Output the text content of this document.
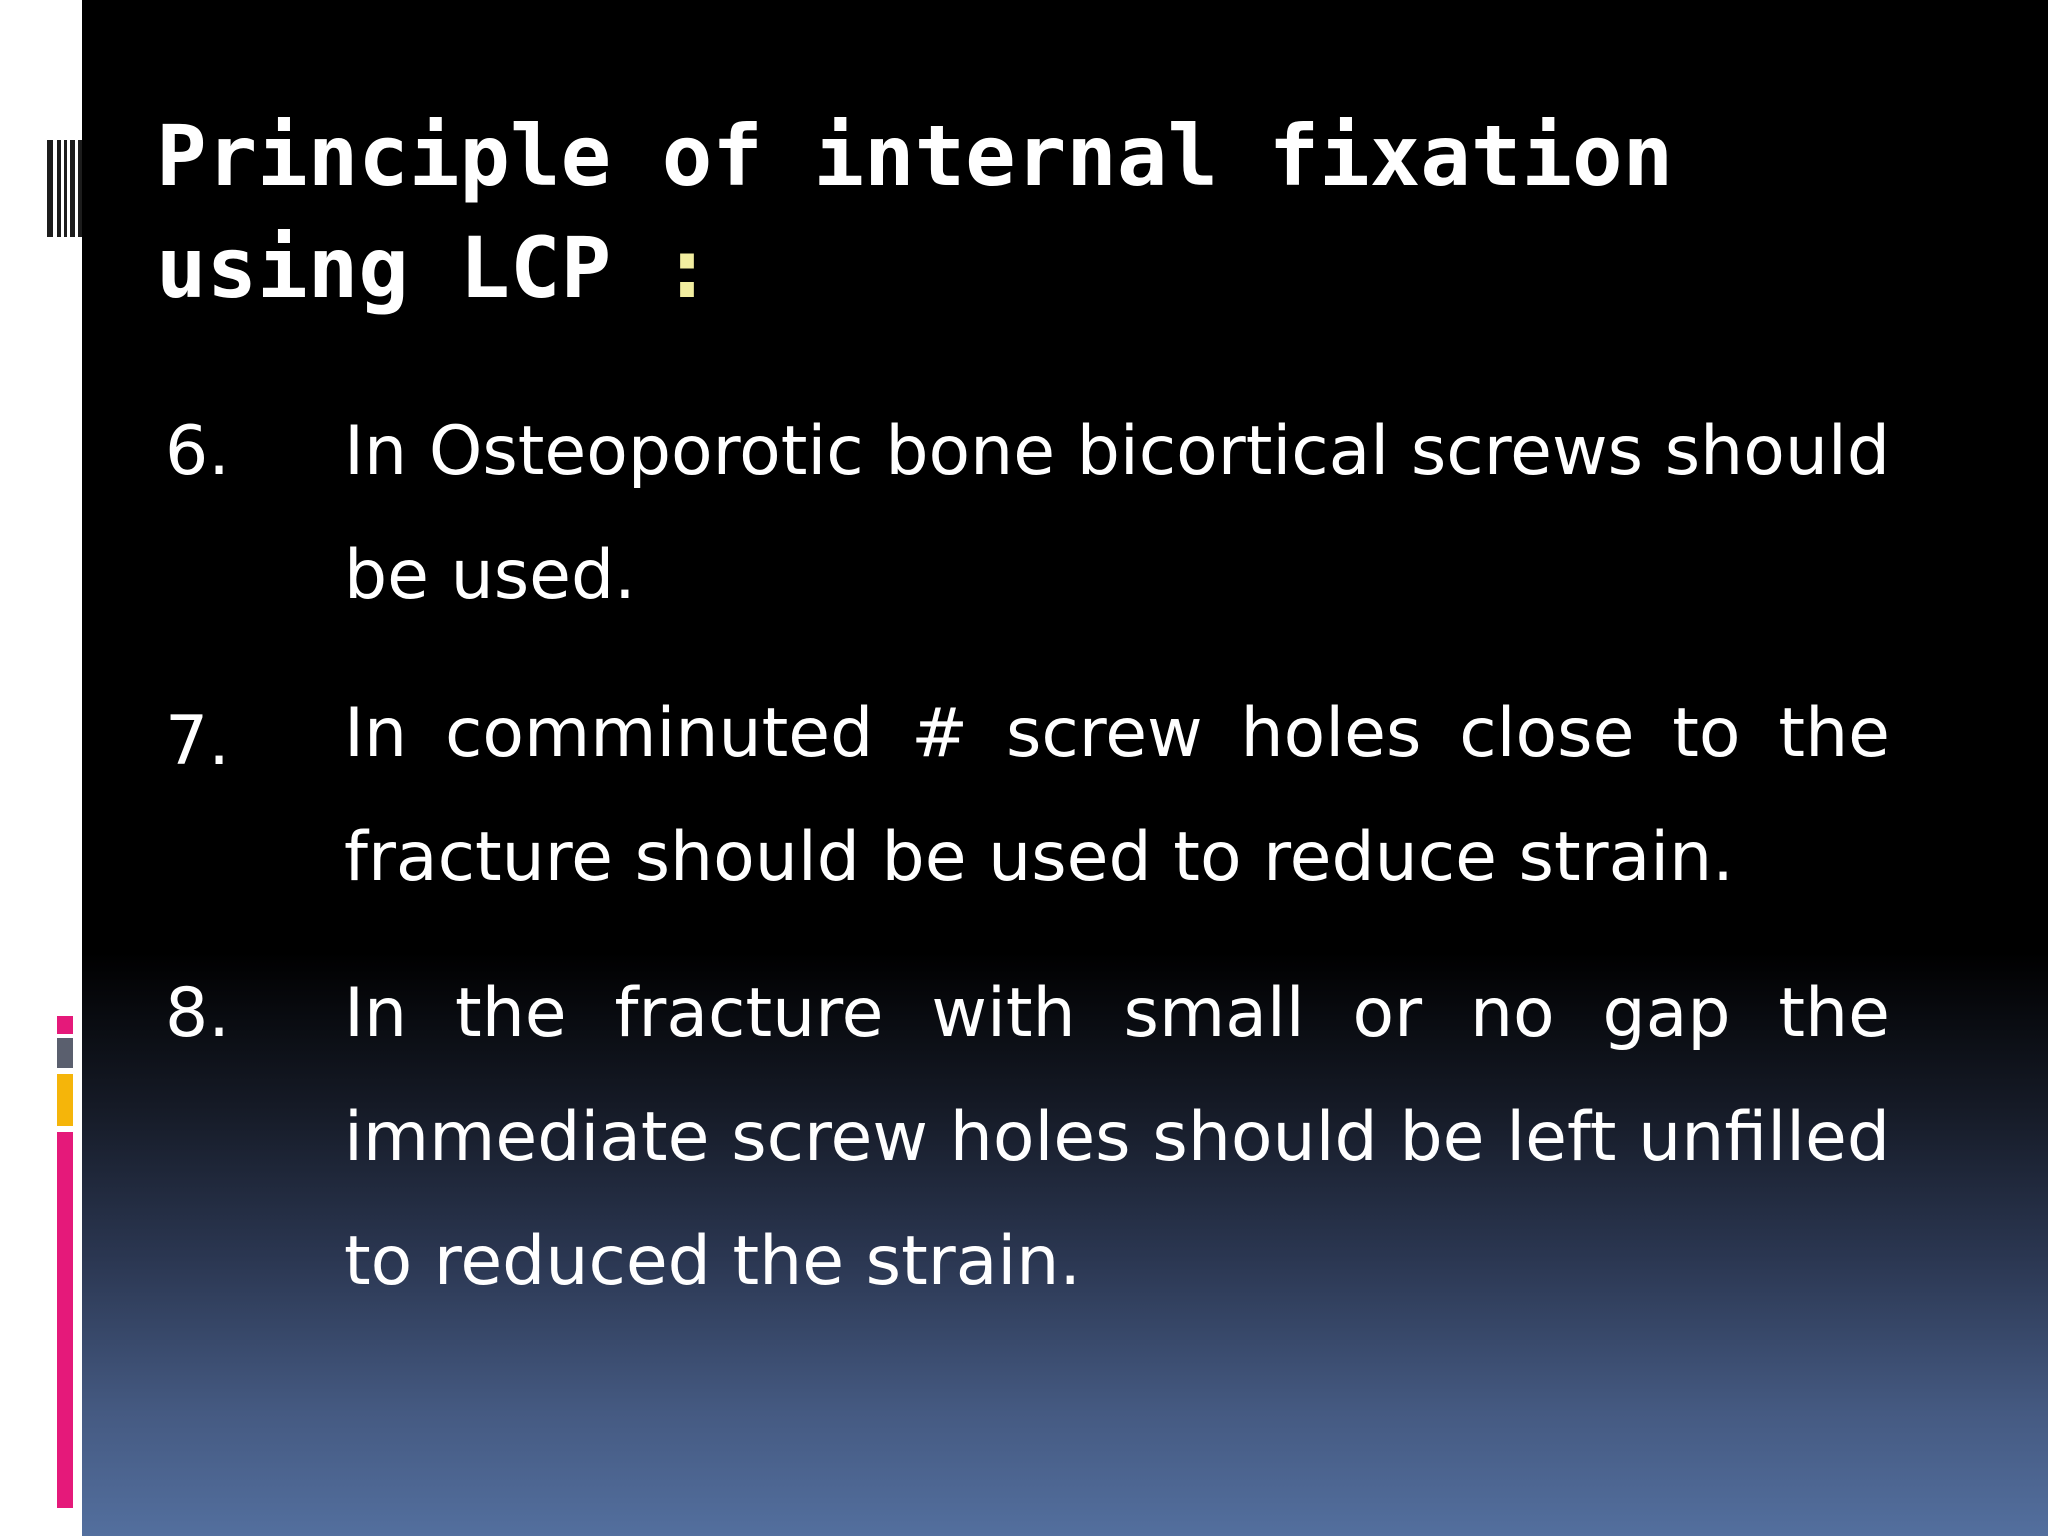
Principle of internal fixation using LCP :
6. In Osteoporotic bone bicortical screws should be used.

7. In comminuted # screw holes close to the fracture should be used to reduce strain.

8. In the fracture with small or no gap the immediate screw holes should be left unfilled to reduced the strain.
